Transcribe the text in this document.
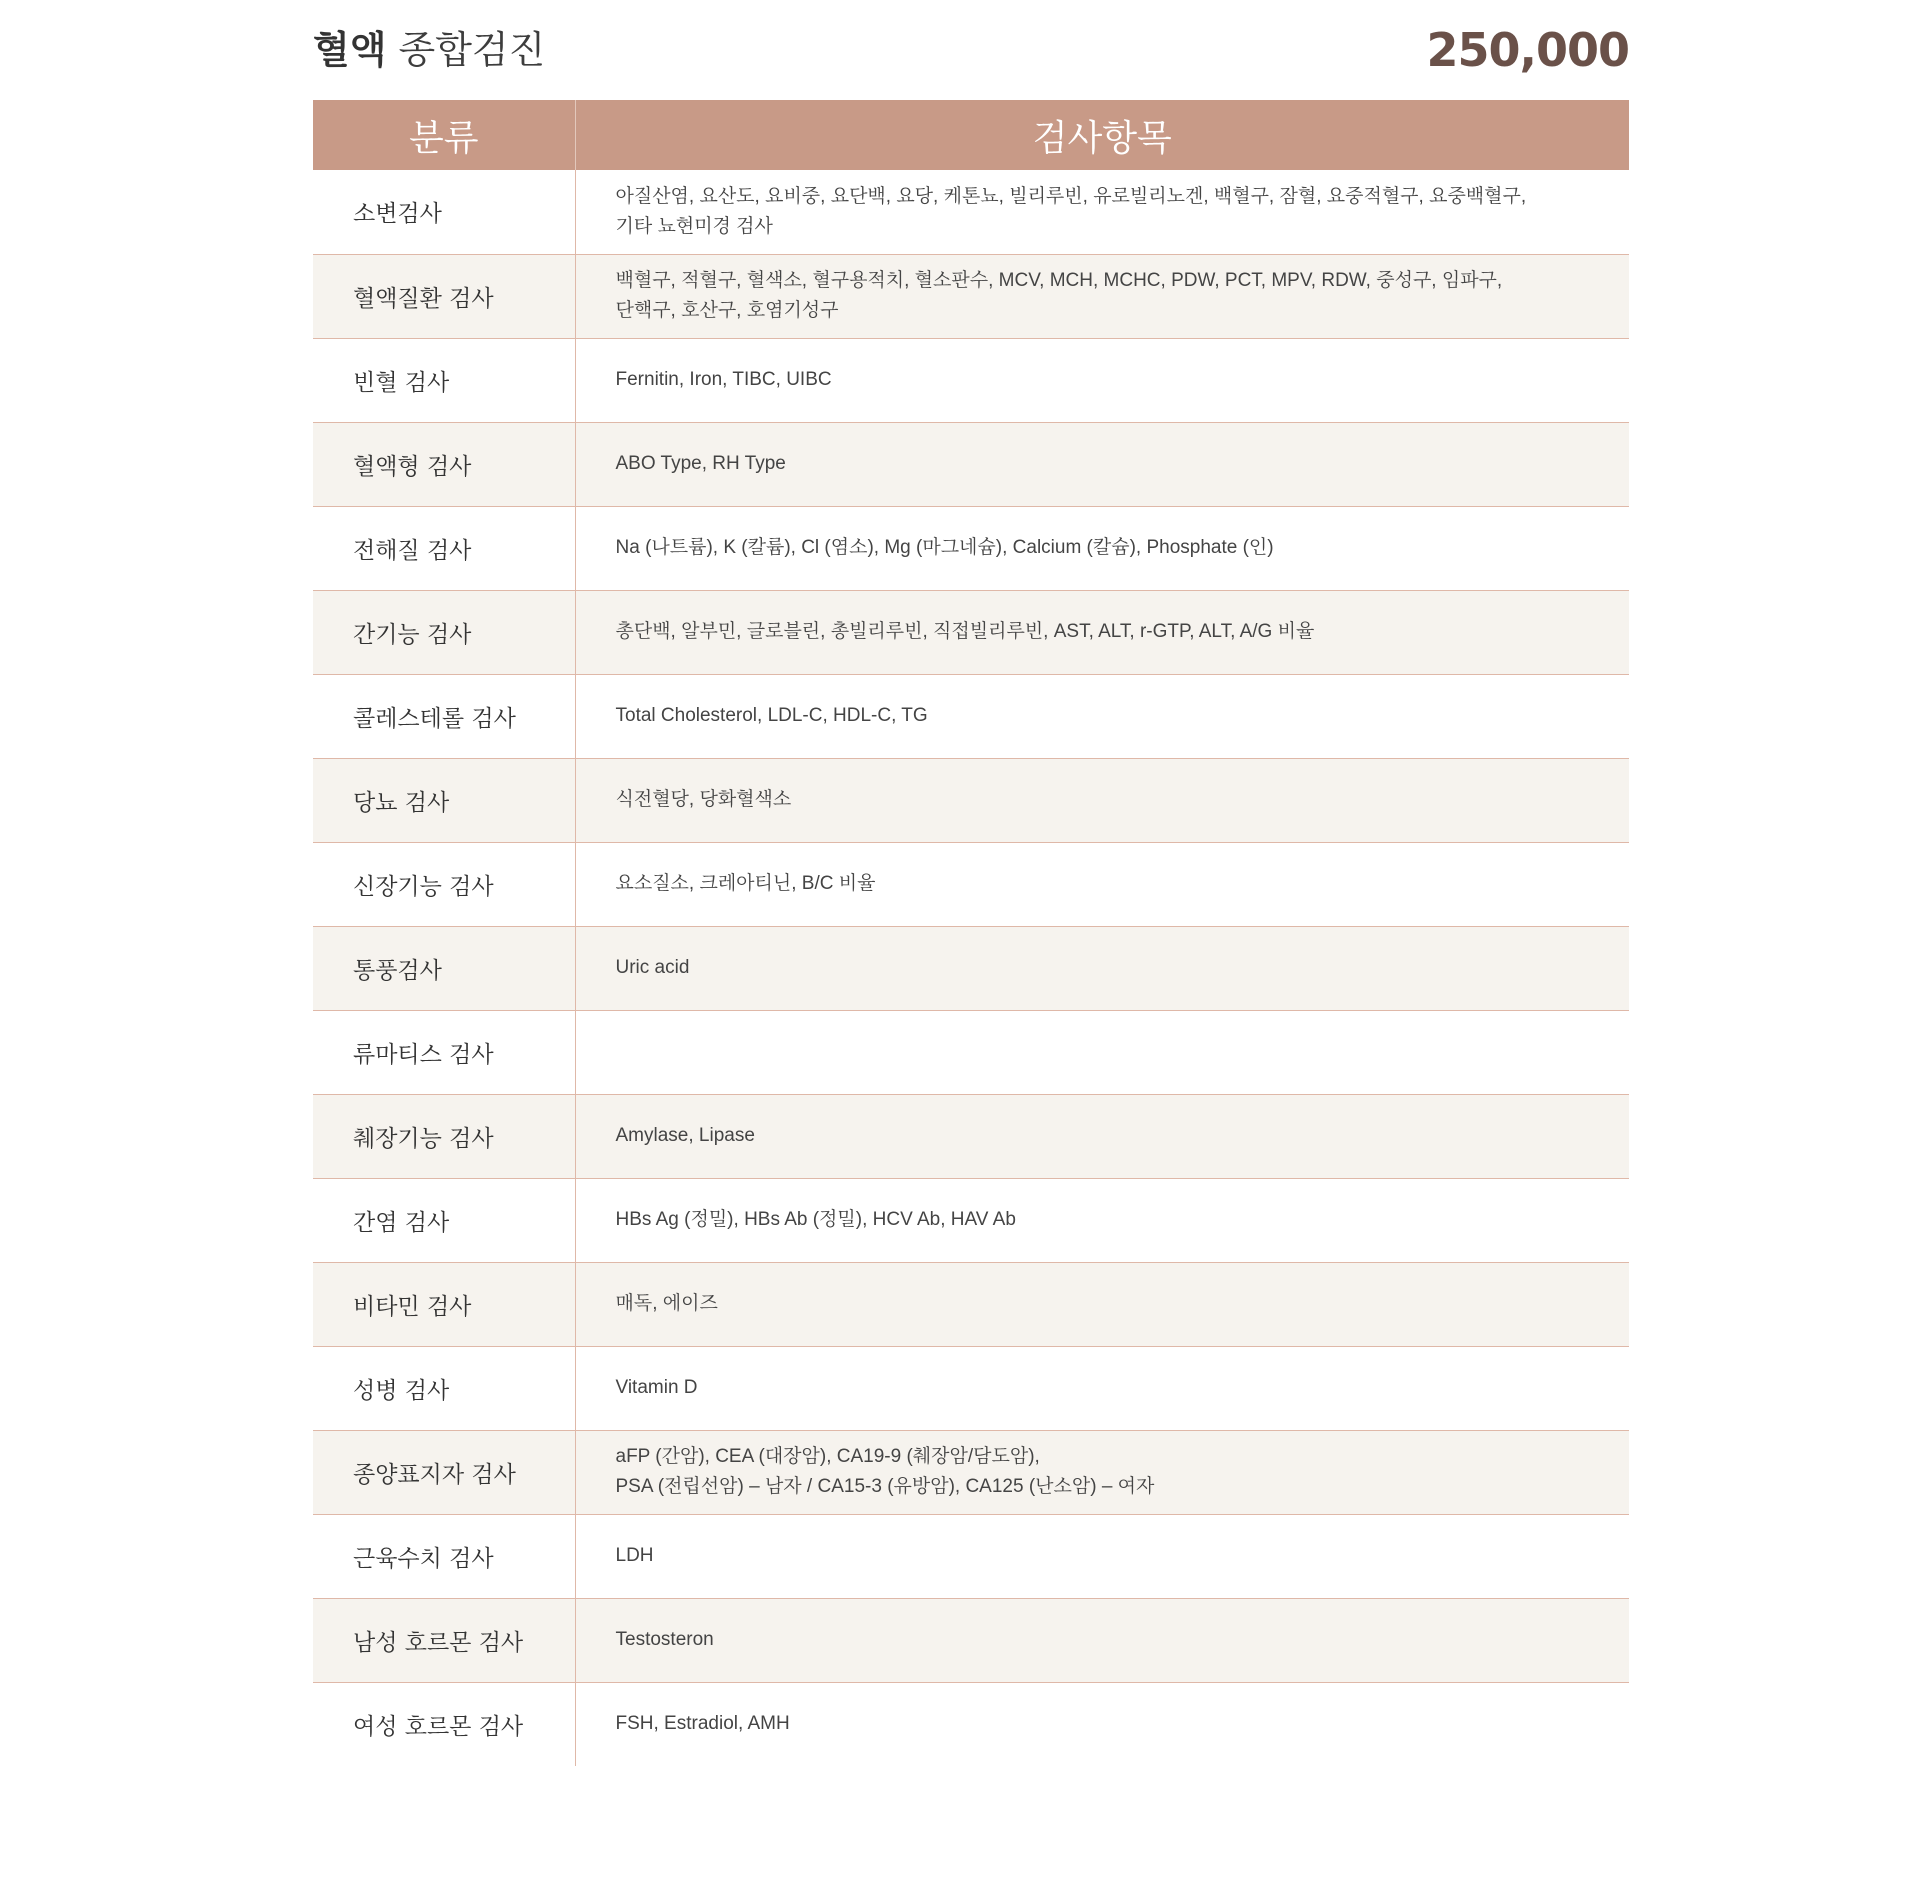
혈액 종합검진	250,000
분류	검사항목
소변검사	아질산염, 요산도, 요비중, 요단백, 요당, 케톤뇨, 빌리루빈, 유로빌리노겐, 백혈구, 잠혈, 요중적혈구, 요중백혈구,
기타 뇨현미경 검사

혈액질환 검사	백혈구, 적혈구, 혈색소, 혈구용적치, 혈소판수, MCV, MCH, MCHC, PDW, PCT, MPV, RDW, 중성구, 임파구,
단핵구, 호산구, 호염기성구

빈혈 검사	Fernitin, Iron, TIBC, UIBC

혈액형 검사	ABO Type, RH Type

전해질 검사	Na (나트륨), K (칼륨), Cl (염소), Mg (마그네슘), Calcium (칼슘), Phosphate (인)

간기능 검사	총단백, 알부민, 글로블린, 총빌리루빈, 직접빌리루빈, AST, ALT, r-GTP, ALT, A/G 비율

콜레스테롤 검사	Total Cholesterol, LDL-C, HDL-C, TG

당뇨 검사	식전혈당, 당화혈색소

신장기능 검사	요소질소, 크레아티닌, B/C 비율

통풍검사	Uric acid

류마티스 검사	
췌장기능 검사	Amylase, Lipase

간염 검사	HBs Ag (정밀), HBs Ab (정밀), HCV Ab, HAV Ab

비타민 검사	매독, 에이즈

성병 검사	Vitamin D

종양표지자 검사	aFP (간암), CEA (대장암), CA19-9 (췌장암/담도암),
PSA (전립선암) – 남자 / CA15-3 (유방암), CA125 (난소암) – 여자

근육수치 검사	LDH

남성 호르몬 검사	Testosteron

여성 호르몬 검사	FSH, Estradiol, AMH
